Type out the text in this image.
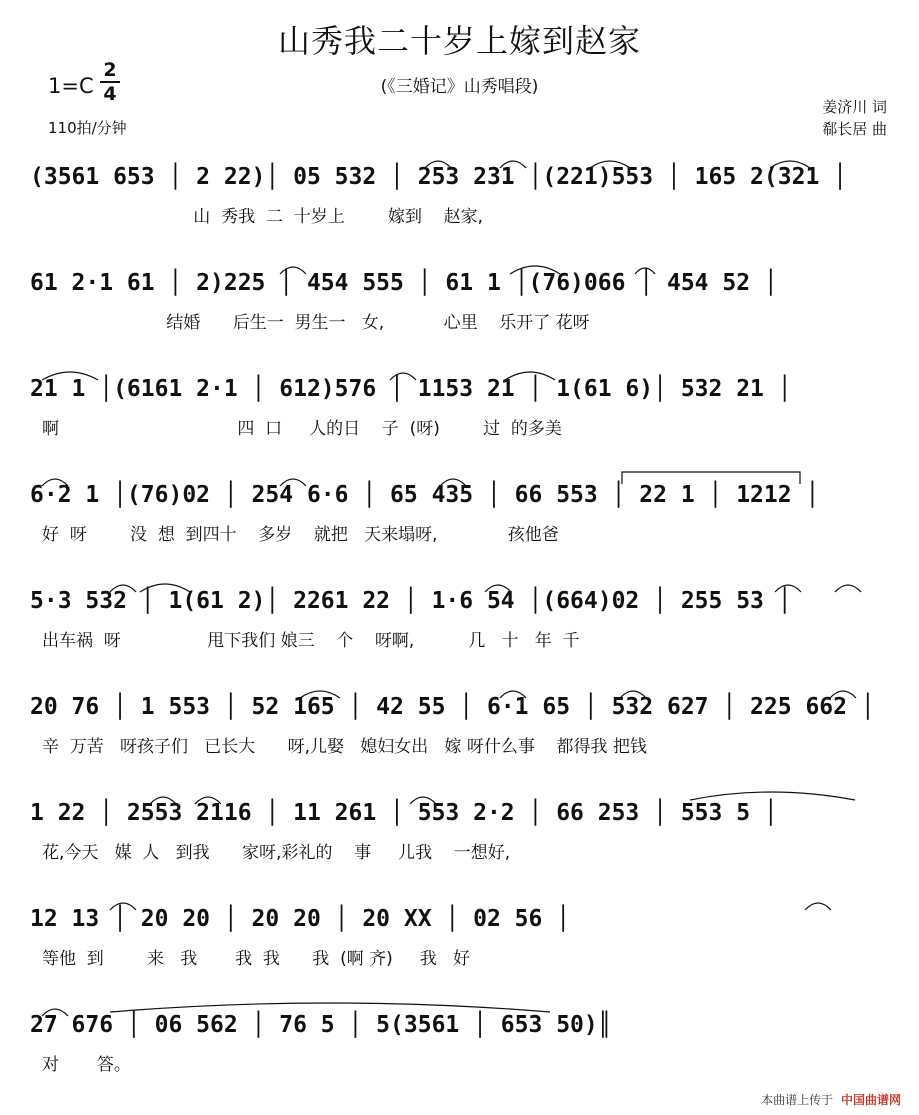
山秀我二十岁上嫁到赵家
(《三婚记》山秀唱段)
1=C
2
4
110拍/分钟
姜济川 词
郗长居 曲
(3561 653 │ 2 22)│ 05 532 │ 253 231 │(221)553 │ 165 2(321 │
山  秀我  二  十岁上        嫁到    赵家,
61 2·1 61 │ 2)225 │ 454 555 │ 61 1 │(76)066 │ 454 52 │
结婚      后生一  男生一   女,           心里    乐开了 花呀
21 1 │(6161 2·1 │ 612)576 │ 1153 21 │ 1(61 6)│ 532 21 │
啊                                 四  口     人的日    子  (呀)        过  的多美
6·2 1 │(76)02 │ 254 6·6 │ 65 435 │ 66 553 │ 22 1 │ 1212 │
好  呀        没  想  到四十    多岁    就把   天来塌呀,             孩他爸
5·3 532 │ 1(61 2)│ 2261 22 │ 1·6 54 │(664)02 │ 255 53 │
出车祸  呀                甩下我们 娘三    个    呀啊,          几   十   年  千
20 76 │ 1 553 │ 52 165 │ 42 55 │ 6·1 65 │ 532 627 │ 225 662 │
辛  万苦   呀孩子们   已长大      呀,儿娶   媳妇女出   嫁 呀什么事    都得我 把钱
1 22 │ 2553 2116 │ 11 261 │ 553 2·2 │ 66 253 │ 553 5 │
花,今天   媒  人   到我      家呀,彩礼的    事     儿我    一想好,
12 13 │ 20 20 │ 20 20 │ 20 XX │ 02 56 │
等他  到        来   我       我  我      我  (啊 齐)     我   好
27 676 │ 06 562 │ 76 5 │ 5(3561 │ 653 50)║
对       答。
本曲谱上传于 中国曲谱网
